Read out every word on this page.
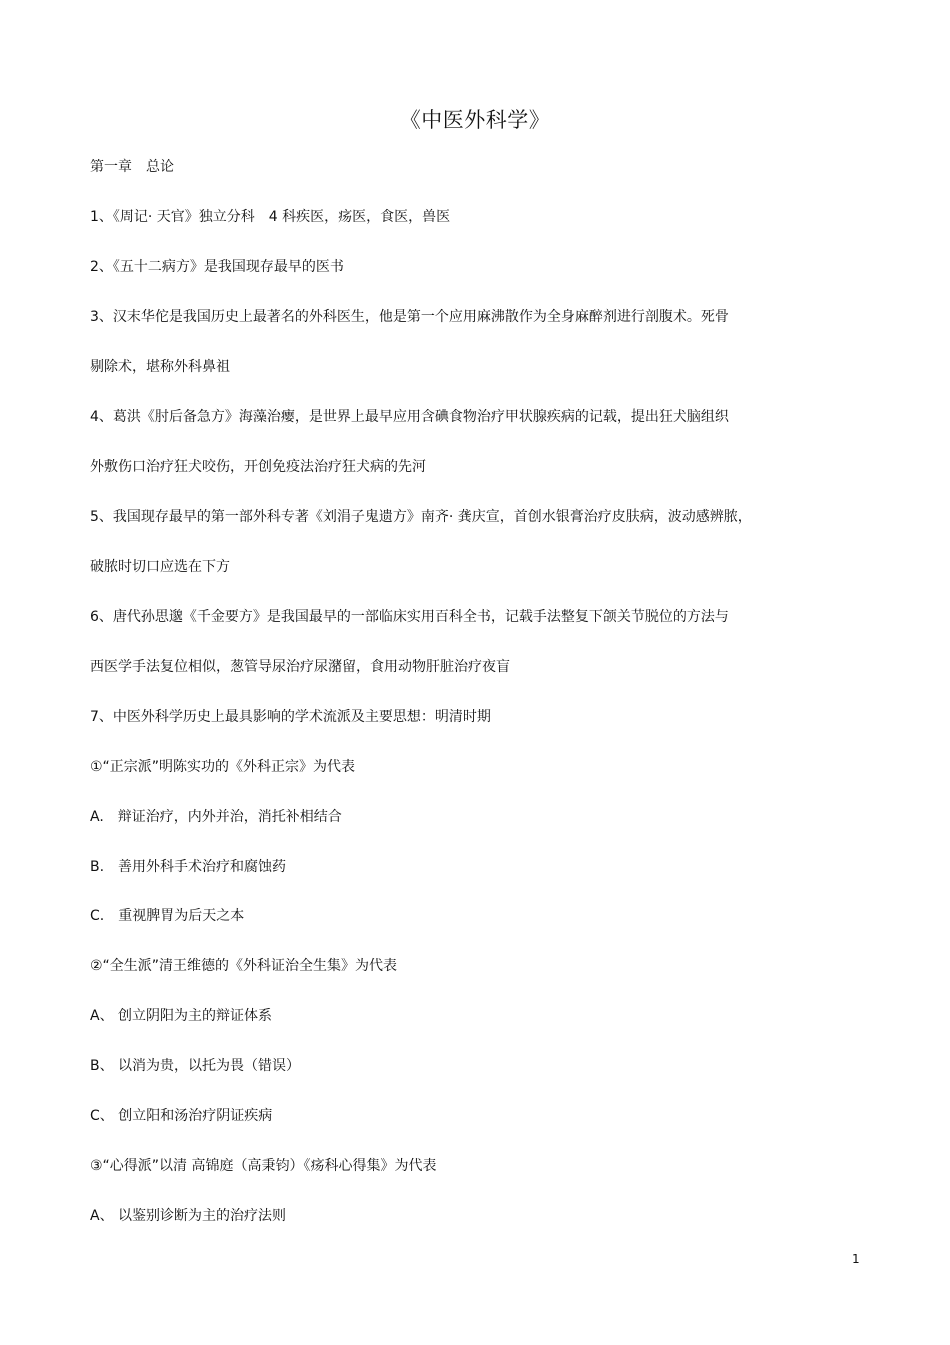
《中医外科学》
第一章　总论
1、《周记· 天官》独立分科　4 科疾医，疡医，食医，兽医
2、《五十二病方》是我国现存最早的医书
3、汉末华佗是我国历史上最著名的外科医生，他是第一个应用麻沸散作为全身麻醉剂进行剖腹术。死骨
剔除术，堪称外科鼻祖
4、葛洪《肘后备急方》海藻治瘿，是世界上最早应用含碘食物治疗甲状腺疾病的记载，提出狂犬脑组织
外敷伤口治疗狂犬咬伤，开创免疫法治疗狂犬病的先河
5、我国现存最早的第一部外科专著《刘涓子鬼遗方》南齐· 龚庆宣，首创水银膏治疗皮肤病，波动感辨脓，
破脓时切口应选在下方
6、唐代孙思邈《千金要方》是我国最早的一部临床实用百科全书，记载手法整复下颌关节脱位的方法与
西医学手法复位相似，葱管导尿治疗尿潴留，食用动物肝脏治疗夜盲
7、中医外科学历史上最具影响的学术流派及主要思想：明清时期
①“正宗派”明陈实功的《外科正宗》为代表
A.　辩证治疗，内外并治，消托补相结合
B.　善用外科手术治疗和腐蚀药
C.　重视脾胃为后天之本
②“全生派”清王维德的《外科证治全生集》为代表
A、 创立阴阳为主的辩证体系
B、 以消为贵，以托为畏（错误）
C、 创立阳和汤治疗阴证疾病
③“心得派”以清 高锦庭（高秉钧）《疡科心得集》为代表
A、 以鉴别诊断为主的治疗法则
1
